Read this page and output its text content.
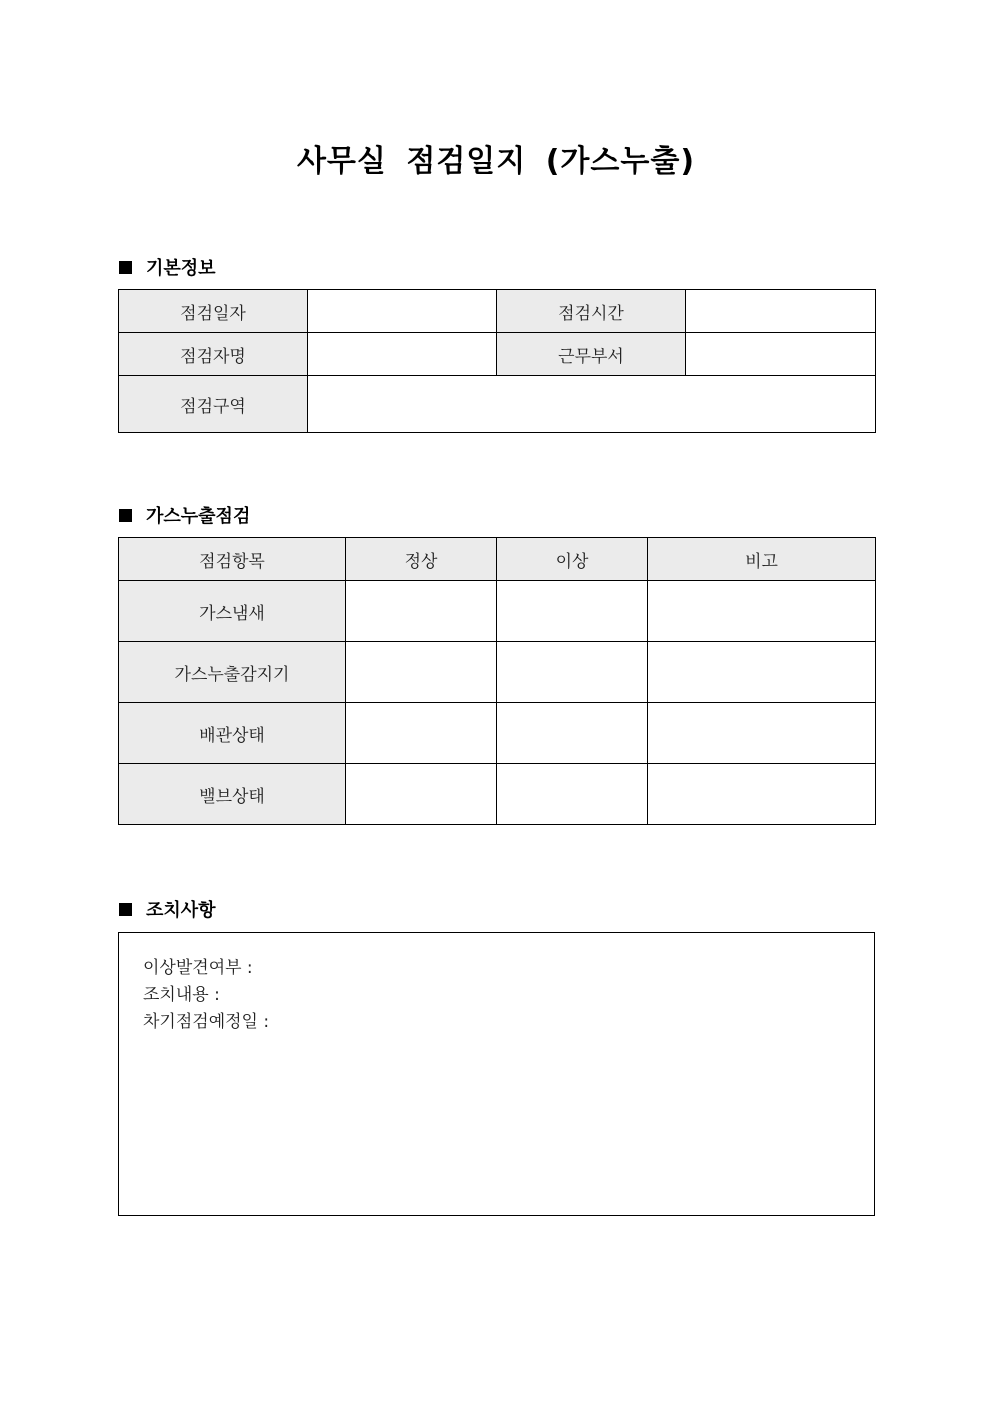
사무실 점검일지 (가스누출)
기본정보
점검일자		점검시간	
점검자명		근무부서	
점검구역			
가스누출점검
점검항목	정상	이상	비고
가스냄새			
가스누출감지기			
배관상태			
밸브상태			
조치사항
이상발견여부 :
조치내용 :
차기점검예정일 :
